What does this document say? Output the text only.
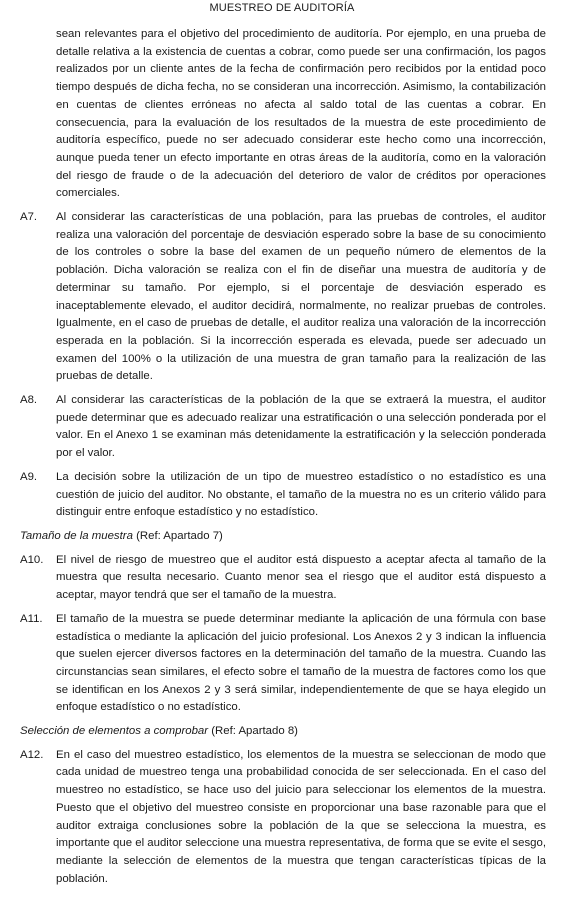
MUESTREO DE AUDITORÍA
sean relevantes para el objetivo del procedimiento de auditoría. Por ejemplo, en una prueba de detalle relativa a la existencia de cuentas a cobrar, como puede ser una confirmación, los pagos realizados por un cliente antes de la fecha de confirmación pero recibidos por la entidad poco tiempo después de dicha fecha, no se consideran una incorrección. Asimismo, la contabilización en cuentas de clientes erróneas no afecta al saldo total de las cuentas a cobrar. En consecuencia, para la evaluación de los resultados de la muestra de este procedimiento de auditoría específico, puede no ser adecuado considerar este hecho como una incorrección, aunque pueda tener un efecto importante en otras áreas de la auditoría, como en la valoración del riesgo de fraude o de la adecuación del deterioro de valor de créditos por operaciones comerciales.
A7.	Al considerar las características de una población, para las pruebas de controles, el auditor realiza una valoración del porcentaje de desviación esperado sobre la base de su conocimiento de los controles o sobre la base del examen de un pequeño número de elementos de la población. Dicha valoración se realiza con el fin de diseñar una muestra de auditoría y de determinar su tamaño. Por ejemplo, si el porcentaje de desviación esperado es inaceptablemente elevado, el auditor decidirá, normalmente, no realizar pruebas de controles. Igualmente, en el caso de pruebas de detalle, el auditor realiza una valoración de la incorrección esperada en la población. Si la incorrección esperada es elevada, puede ser adecuado un examen del 100% o la utilización de una muestra de gran tamaño para la realización de las pruebas de detalle.
A8.	Al considerar las características de la población de la que se extraerá la muestra, el auditor puede determinar que es adecuado realizar una estratificación o una selección ponderada por el valor. En el Anexo 1 se examinan más detenidamente la estratificación y la selección ponderada por el valor.
A9.	La decisión sobre la utilización de un tipo de muestreo estadístico o no estadístico es una cuestión de juicio del auditor. No obstante, el tamaño de la muestra no es un criterio válido para distinguir entre enfoque estadístico y no estadístico.
Tamaño de la muestra (Ref: Apartado 7)
A10.	El nivel de riesgo de muestreo que el auditor está dispuesto a aceptar afecta al tamaño de la muestra que resulta necesario. Cuanto menor sea el riesgo que el auditor está dispuesto a aceptar, mayor tendrá que ser el tamaño de la muestra.
A11.	El tamaño de la muestra se puede determinar mediante la aplicación de una fórmula con base estadística o mediante la aplicación del juicio profesional. Los Anexos 2 y 3 indican la influencia que suelen ejercer diversos factores en la determinación del tamaño de la muestra. Cuando las circunstancias sean similares, el efecto sobre el tamaño de la muestra de factores como los que se identifican en los Anexos 2 y 3 será similar, independientemente de que se haya elegido un enfoque estadístico o no estadístico.
Selección de elementos a comprobar (Ref: Apartado 8)
A12.	En el caso del muestreo estadístico, los elementos de la muestra se seleccionan de modo que cada unidad de muestreo tenga una probabilidad conocida de ser seleccionada. En el caso del muestreo no estadístico, se hace uso del juicio para seleccionar los elementos de la muestra. Puesto que el objetivo del muestreo consiste en proporcionar una base razonable para que el auditor extraiga conclusiones sobre la población de la que se selecciona la muestra, es importante que el auditor seleccione una muestra representativa, de forma que se evite el sesgo, mediante la selección de elementos de la muestra que tengan características típicas de la población.
